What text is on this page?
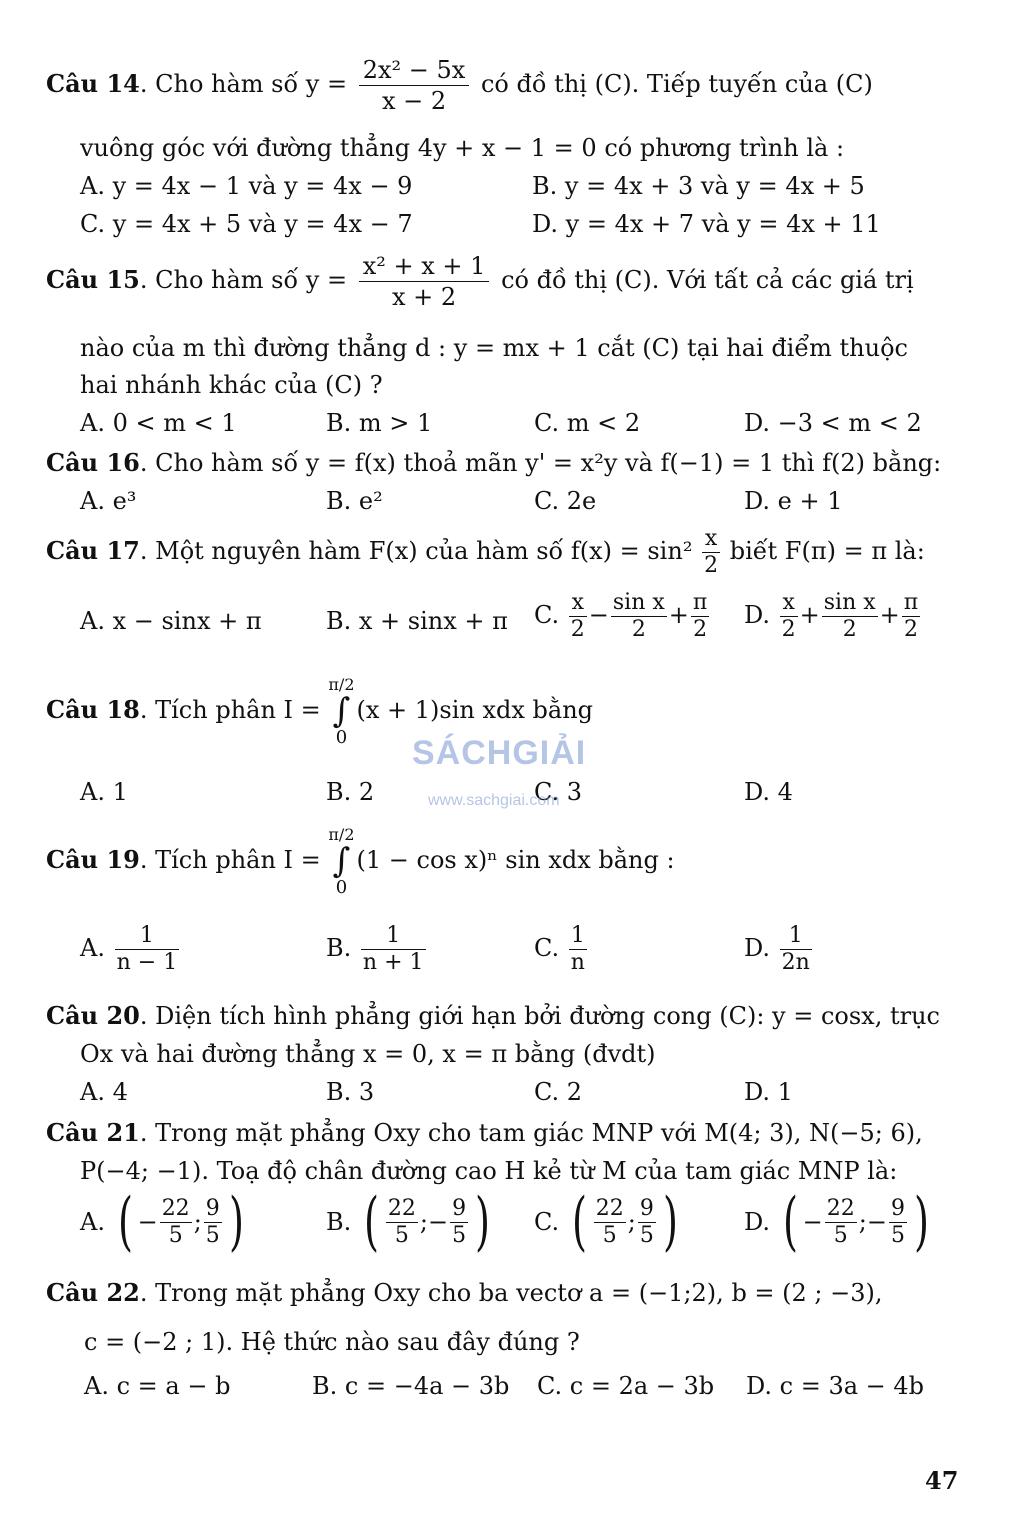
Câu 14. Cho hàm số $y = \frac{\text{2x² − 5x}}{x - 2}$ có đồ thị (C). Tiếp tuyến của (C)
vuông góc với đường thẳng 4y + x − 1 = 0 có phương trình là :
A. y = 4x − 1 và y = 4x − 9	B. y = 4x + 3 và y = 4x + 5
C. y = 4x + 5 và y = 4x − 7	D. y = 4x + 7 và y = 4x + 11
Câu 15. Cho hàm số $y = \frac{\text{x² + x + 1}}{x + 2}$ có đồ thị (C). Với tất cả các giá trị
nào của m thì đường thẳng d : y = mx + 1 cắt (C) tại hai điểm thuộc
hai nhánh khác của (C) ?
A. 0 < m < 1	B. m > 1	C. m < 2	D. −3 < m < 2
Câu 16. Cho hàm số y = f(x) thoả mãn y' = x²y và f(−1) = 1 thì f(2) bằng:
A. e³	B. e²	C. 2e	D. e + 1
Câu 17. Một nguyên hàm F(x) của hàm số $f(x) = \sin^2 \frac{x}{2}$ biết F(π) = π là:
A. x − sinx + π	B. x + sinx + π C. $\frac{x}{2} - \frac{\text{sin x}}{2} + \frac{\pi}{2} D$. $\frac{x}{2} + \frac{\text{sin x}}{2} + \frac{\pi}{2}$
Câu 18. Tích phân I =
π/2
∫
0
(x + 1)sin xdx bằng
A. 1	B. 2	C. 3	D. 4
SÁCHGIẢI
www.sachgiai.com
Câu 19. Tích phân I =
π/2
∫
0
(1 − cos x)ⁿ sin xdx bằng :
A. $\frac{1}{n - 1}$	B. $\frac{1}{n + 1}$	C. $\frac{1}{n}$	D. $\frac{1}{2n}$
Câu 20. Diện tích hình phẳng giới hạn bởi đường cong (C): y = cosx, trục
Ox và hai đường thẳng x = 0, x = π bằng (đvdt)
A. 4	B. 3	C. 2	D. 1
Câu 21. Trong mặt phẳng Oxy cho tam giác MNP với M(4; 3), N(−5; 6),
P(−4; −1). Toạ độ chân đường cao H kẻ từ M của tam giác MNP là:
A. ( − $\frac{22}{5}$ ; $\frac{9}{5}$ )	B. ( $\frac{22}{5}$ ;− $\frac{9}{5}$ ) C. ( $\frac{22}{5}$ ; $\frac{9}{5}$ )	D. ( − $\frac{22}{5}$ ;− $\frac{9}{5}$ )
Câu 22. Trong mặt phẳng Oxy cho ba vectơ a = (−1;2), b = (2 ; −3),
c = (−2 ; 1). Hệ thức nào sau đây đúng ?
A. c = a − b	B. c = −4a − 3b C. c = 2a − 3b D. c = 3a − 4b
47
